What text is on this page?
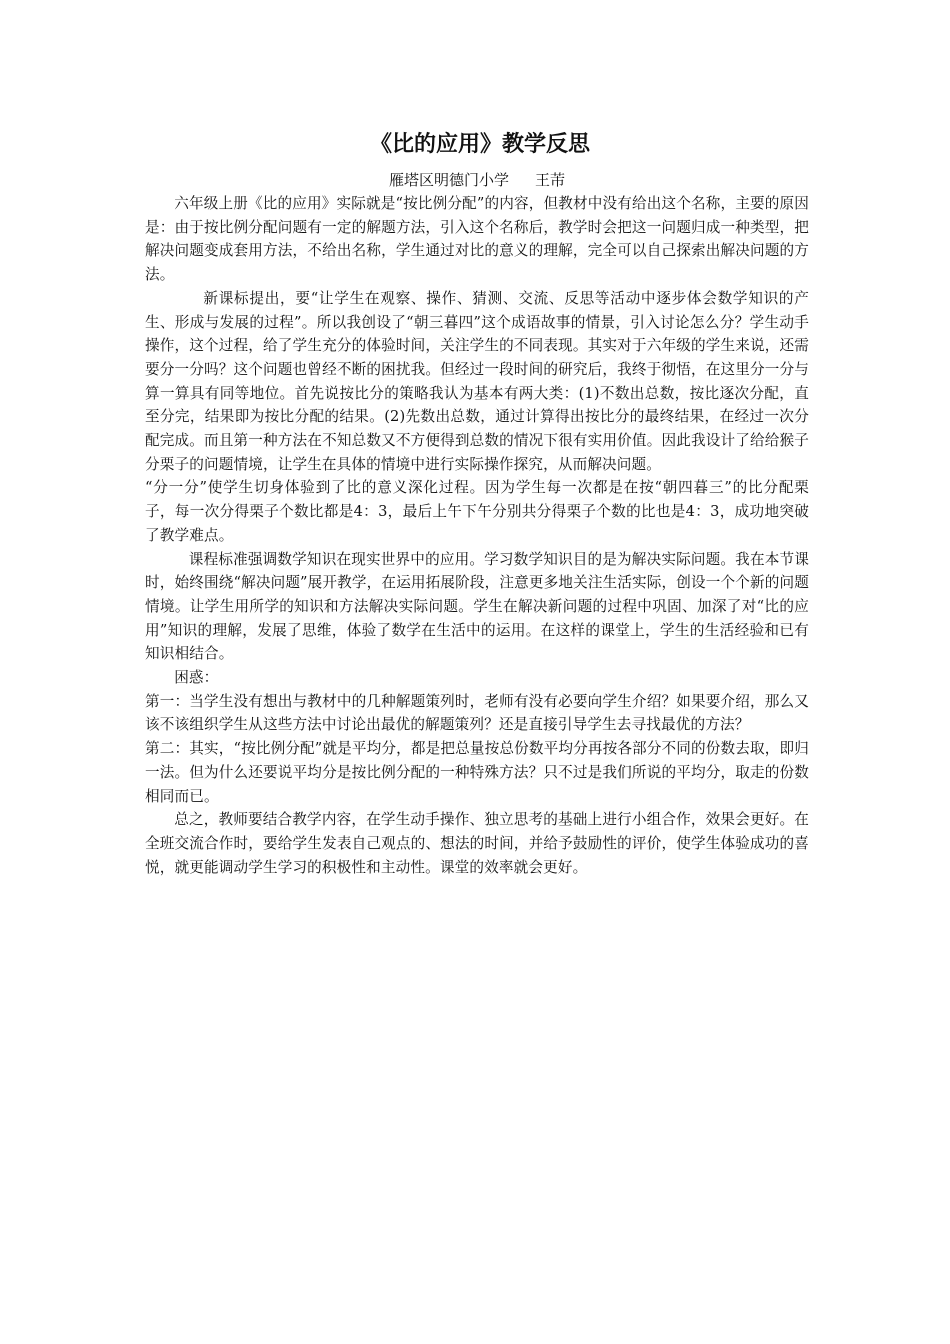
《比的应用》教学反思

雁塔区明德门小学 王芾

六年级上册《比的应用》实际就是“按比例分配”的内容，但教材中没有给出这个名称，主要的原因是：由于按比例分配问题有一定的解题方法，引入这个名称后，教学时会把这一问题归成一种类型，把解决问题变成套用方法，不给出名称，学生通过对比的意义的理解，完全可以自己探索出解决问题的方法。

新课标提出，要“让学生在观察、操作、猜测、交流、反思等活动中逐步体会数学知识的产生、形成与发展的过程”。所以我创设了“朝三暮四”这个成语故事的情景，引入讨论怎么分？学生动手操作，这个过程，给了学生充分的体验时间，关注学生的不同表现。其实对于六年级的学生来说，还需要分一分吗？这个问题也曾经不断的困扰我。但经过一段时间的研究后，我终于彻悟，在这里分一分与算一算具有同等地位。首先说按比分的策略我认为基本有两大类：(1)不数出总数，按比逐次分配，直至分完，结果即为按比分配的结果。(2)先数出总数，通过计算得出按比分的最终结果，在经过一次分配完成。而且第一种方法在不知总数又不方便得到总数的情况下很有实用价值。因此我设计了给给猴子分栗子的问题情境，让学生在具体的情境中进行实际操作探究，从而解决问题。

“分一分”使学生切身体验到了比的意义深化过程。因为学生每一次都是在按“朝四暮三”的比分配栗子，每一次分得栗子个数比都是4：3，最后上午下午分别共分得栗子个数的比也是4：3，成功地突破了教学难点。

课程标准强调数学知识在现实世界中的应用。学习数学知识目的是为解决实际问题。我在本节课时，始终围绕“解决问题”展开教学，在运用拓展阶段，注意更多地关注生活实际，创设一个个新的问题情境。让学生用所学的知识和方法解决实际问题。学生在解决新问题的过程中巩固、加深了对“比的应用”知识的理解，发展了思维，体验了数学在生活中的运用。在这样的课堂上，学生的生活经验和已有知识相结合。

困惑：

第一：当学生没有想出与教材中的几种解题策列时，老师有没有必要向学生介绍？如果要介绍，那么又该不该组织学生从这些方法中讨论出最优的解题策列？还是直接引导学生去寻找最优的方法？

第二：其实，“按比例分配”就是平均分，都是把总量按总份数平均分再按各部分不同的份数去取，即归一法。但为什么还要说平均分是按比例分配的一种特殊方法？只不过是我们所说的平均分，取走的份数相同而已。

总之，教师要结合教学内容，在学生动手操作、独立思考的基础上进行小组合作，效果会更好。在全班交流合作时，要给学生发表自己观点的、想法的时间，并给予鼓励性的评价，使学生体验成功的喜悦，就更能调动学生学习的积极性和主动性。课堂的效率就会更好。
